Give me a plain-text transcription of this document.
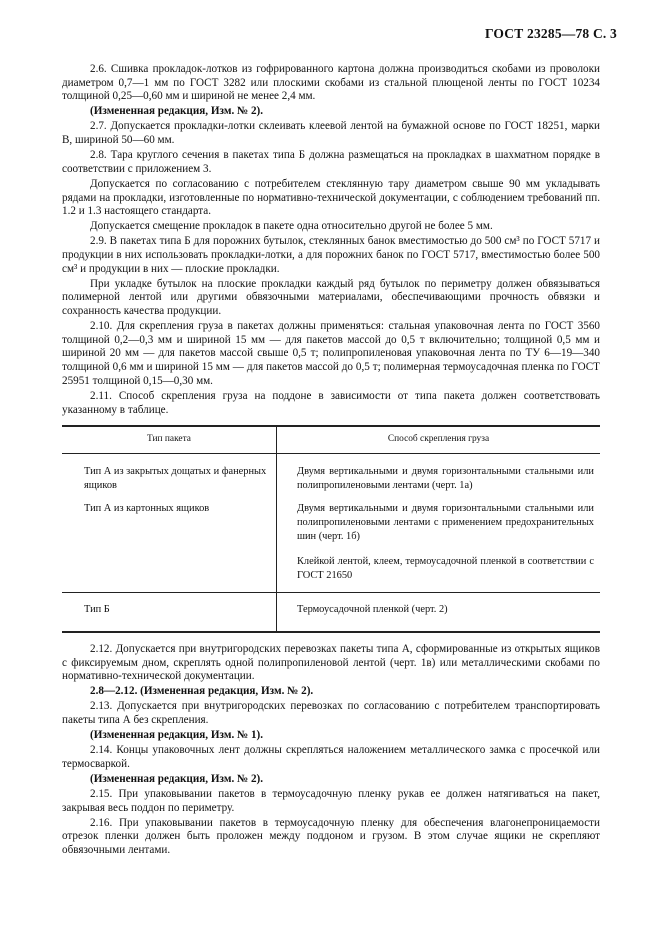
ГОСТ 23285—78 С. 3

2.6. Сшивка прокладок-лотков из гофрированного картона должна производиться скобами из проволоки диаметром 0,7—1 мм по ГОСТ 3282 или плоскими скобами из стальной плющеной ленты по ГОСТ 10234 толщиной 0,25—0,60 мм и шириной не менее 2,4 мм.

(Измененная редакция, Изм. № 2).

2.7. Допускается прокладки-лотки склеивать клеевой лентой на бумажной основе по ГОСТ 18251, марки В, шириной 50—60 мм.

2.8. Тара круглого сечения в пакетах типа Б должна размещаться на прокладках в шахматном порядке в соответствии с приложением 3.

Допускается по согласованию с потребителем стеклянную тару диаметром свыше 90 мм укладывать рядами на прокладки, изготовленные по нормативно-технической документации, с соблюдением требований пп. 1.2 и 1.3 настоящего стандарта.

Допускается смещение прокладок в пакете одна относительно другой не более 5 мм.

2.9. В пакетах типа Б для порожних бутылок, стеклянных банок вместимостью до 500 см³ по ГОСТ 5717 и продукции в них использовать прокладки-лотки, а для порожних банок по ГОСТ 5717, вместимостью более 500 см³ и продукции в них — плоские прокладки.

При укладке бутылок на плоские прокладки каждый ряд бутылок по периметру должен обвязываться полимерной лентой или другими обвязочными материалами, обеспечивающими прочность обвязки и сохранность качества продукции.

2.10. Для скрепления груза в пакетах должны применяться: стальная упаковочная лента по ГОСТ 3560 толщиной 0,2—0,3 мм и шириной 15 мм — для пакетов массой до 0,5 т включительно; толщиной 0,5 мм и шириной 20 мм — для пакетов массой свыше 0,5 т; полипропиленовая упаковочная лента по ТУ 6—19—340 толщиной 0,6 мм и шириной 15 мм — для пакетов массой до 0,5 т; полимерная термоусадочная пленка по ГОСТ 25951 толщиной 0,15—0,30 мм.

2.11. Способ скрепления груза на поддоне в зависимости от типа пакета должен соответствовать указанному в таблице.

Тип пакета	Способ скрепления груза
Тип А из закрытых дощатых и фанерных ящиков	Двумя вертикальными и двумя горизонтальными стальными или полипропиленовыми лентами (черт. 1а)
Тип А из картонных ящиков	Двумя вертикальными и двумя горизонтальными стальными или полипропиленовыми лентами с применением предохранительных шин (черт. 1б)
	Клейкой лентой, клеем, термоусадочной пленкой в соответствии с ГОСТ 21650
Тип Б	Термоусадочной пленкой (черт. 2)

2.12. Допускается при внутригородских перевозках пакеты типа А, сформированные из открытых ящиков с фиксируемым дном, скреплять одной полипропиленовой лентой (черт. 1в) или металлическими скобами по нормативно-технической документации.

2.8—2.12. (Измененная редакция, Изм. № 2).

2.13. Допускается при внутригородских перевозках по согласованию с потребителем транспортировать пакеты типа А без скрепления.

(Измененная редакция, Изм. № 1).

2.14. Концы упаковочных лент должны скрепляться наложением металлического замка с просечкой или термосваркой.

(Измененная редакция, Изм. № 2).

2.15. При упаковывании пакетов в термоусадочную пленку рукав ее должен натягиваться на пакет, закрывая весь поддон по периметру.

2.16. При упаковывании пакетов в термоусадочную пленку для обеспечения влагонепроницаемости отрезок пленки должен быть проложен между поддоном и грузом. В этом случае ящики не скрепляют обвязочными лентами.
